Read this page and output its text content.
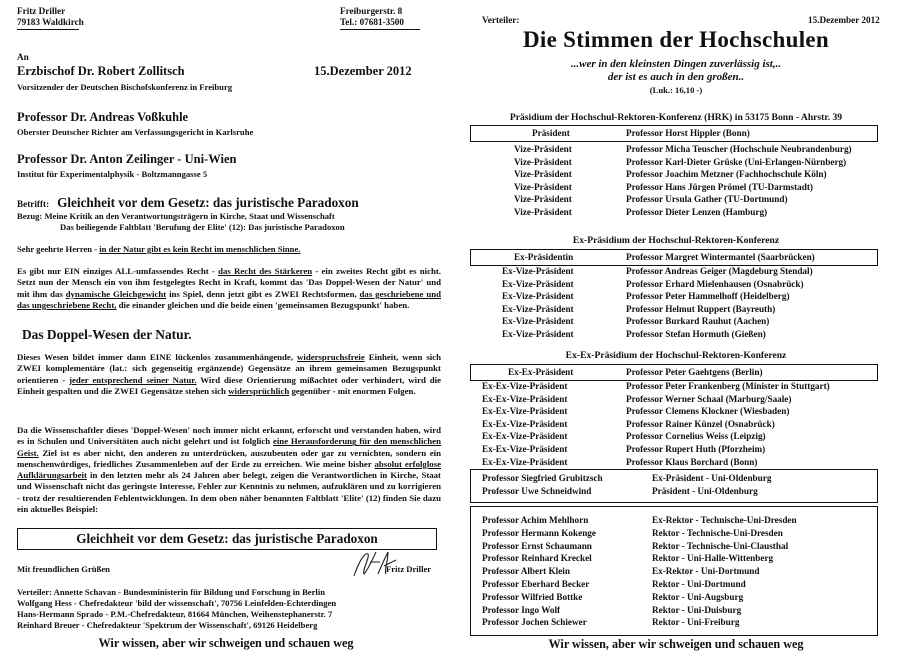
Fritz Driller
79183 Waldkirch
Freiburgerstr. 8
Tel.: 07681-3500
An
Erzbischof Dr. Robert Zollitsch	15.Dezember 2012
Vorsitzender der Deutschen Bischofskonferenz in Freiburg
Professor Dr. Andreas Voßkuhle
Oberster Deutscher Richter am Verfassungsgericht in Karlsruhe
Professor Dr. Anton Zeilinger - Uni-Wien
Institut für Experimentalphysik - Boltzmanngasse 5
Betrifft: Gleichheit vor dem Gesetz: das juristische Paradoxon
Bezug: Meine Kritik an den Verantwortungsträgern in Kirche, Staat und Wissenschaft
Das beiliegende Faltblatt 'Berufung der Elite' (12): Das juristische Paradoxon
Sehr geehrte Herren - in der Natur gibt es kein Recht im menschlichen Sinne.

Es gibt nur EIN einziges ALL-umfassendes Recht - das Recht des Stärkeren - ein zweites Recht gibt es nicht. Setzt nun der Mensch ein von ihm festgelegtes Recht in Kraft, kommt das 'Das Doppel-Wesen der Natur' und mit ihm das dynamische Gleichgewicht ins Spiel, denn jetzt gibt es ZWEI Rechtsformen, das geschriebene und das ungeschriebene Recht, die einander gleichen und die beide einen 'gemeinsamen Bezugspunkt' haben.

Das Doppel-Wesen der Natur.

Dieses Wesen bildet immer dann EINE lückenlos zusammenhängende, widerspruchsfreie Einheit, wenn sich ZWEI komplementäre (lat.: sich gegenseitig ergänzende) Gegensätze an ihrem gemeinsamen Bezugspunkt orientieren - jeder entsprechend seiner Natur. Wird diese Orientierung mißachtet oder verhindert, wird die Einheit gespalten und die ZWEI Gegensätze stehen sich widersprüchlich gegenüber - mit enormen Folgen.

Da die Wissenschaftler dieses 'Doppel-Wesen' noch immer nicht erkannt, erforscht und verstanden haben, wird es in Schulen und Universitäten auch nicht gelehrt und ist folglich eine Herausforderung für den menschlichen Geist. Ziel ist es aber nicht, den anderen zu unterdrücken, auszubeuten oder gar zu vernichten, sondern ein menschenwürdiges, friedliches Zusammenleben auf der Erde zu erreichen. Wie meine bisher absolut erfolglose Aufklärungsarbeit in den letzten mehr als 24 Jahren aber belegt, zeigen die Verantwortlichen in Kirche, Staat und Wissenschaft nicht das geringste Interesse, Fehler zur Kenntnis zu nehmen, aufzuklären und zu korrigieren - trotz der resultierenden Fehlentwicklungen. In dem oben näher benannten Faltblatt 'Elite' (12) finden Sie dazu ein aktuelles Beispiel:

Gleichheit vor dem Gesetz: das juristische Paradoxon
Mit freundlichen Grüßen	Fritz Driller
Verteiler: Annette Schavan - Bundesministerin für Bildung und Forschung in Berlin
Wolfgang Hess - Chefredakteur 'bild der wissenschaft', 70756 Leinfelden-Echterdingen
Hans-Hermann Sprado - P.M.-Chefredakteur, 81664 München, Weihenstephanerstr. 7
Reinhard Breuer - Chefredakteur 'Spektrum der Wissenschaft', 69126 Heidelberg
Wir wissen, aber wir schweigen und schauen weg
Verteiler:	15.Dezember 2012
Die Stimmen der Hochschulen
...wer in den kleinsten Dingen zuverlässig ist,..
der ist es auch in den großen..
(Luk.: 16,10 -)
Präsidium der Hochschul-Rektoren-Konferenz (HRK) in 53175 Bonn - Ahrstr. 39
Präsident	Professor Horst Hippler (Bonn)
Vize-Präsident	Professor Micha Teuscher (Hochschule Neubrandenburg)
Vize-Präsident	Professor Karl-Dieter Grüske (Uni-Erlangen-Nürnberg)
Vize-Präsident	Professor Joachim Metzner (Fachhochschule Köln)
Vize-Präsident	Professor Hans Jürgen Prömel (TU-Darmstadt)
Vize-Präsident	Professor Ursula Gather (TU-Dortmund)
Vize-Präsident	Professor Dieter Lenzen (Hamburg)
Ex-Präsidium der Hochschul-Rektoren-Konferenz
Ex-Präsidentin	Professor Margret Wintermantel (Saarbrücken)
Ex-Vize-Präsident	Professor Andreas Geiger (Magdeburg Stendal)
Ex-Vize-Präsident	Professor Erhard Mielenhausen (Osnabrück)
Ex-Vize-Präsident	Professor Peter Hammelhoff (Heidelberg)
Ex-Vize-Präsident	Professor Helmut Ruppert (Bayreuth)
Ex-Vize-Präsident	Professor Burkard Rauhut (Aachen)
Ex-Vize-Präsident	Professor Stefan Hormuth (Gießen)
Ex-Ex-Präsidium der Hochschul-Rektoren-Konferenz
Ex-Ex-Präsident	Professor Peter Gaehtgens (Berlin)
Ex-Ex-Vize-Präsident	Professor Peter Frankenberg (Minister in Stuttgart)
Ex-Ex-Vize-Präsident	Professor Werner Schaal (Marburg/Saale)
Ex-Ex-Vize-Präsident	Professor Clemens Klockner (Wiesbaden)
Ex-Ex-Vize-Präsident	Professor Rainer Künzel (Osnabrück)
Ex-Ex-Vize-Präsident	Professor Cornelius Weiss (Leipzig)
Ex-Ex-Vize-Präsident	Professor Rupert Huth (Pforzheim)
Ex-Ex-Vize-Präsident	Professor Klaus Borchard (Bonn)
Professor Siegfried Grubitzsch	Ex-Präsident - Uni-Oldenburg
Professor Uwe Schneidwind	Präsident - Uni-Oldenburg
Professor Achim Mehlhorn	Ex-Rektor - Technische-Uni-Dresden
Professor Hermann Kokenge	Rektor - Technische-Uni-Dresden
Professor Ernst Schaumann	Rektor - Technische-Uni-Clausthal
Professor Reinhard Kreckel	Rektor - Uni-Halle-Wittenberg
Professor Albert Klein	Ex-Rektor - Uni-Dortmund
Professor Eberhard Becker	Rektor - Uni-Dortmund
Professor Wilfried Bottke	Rektor - Uni-Augsburg
Professor Ingo Wolf	Rektor - Uni-Duisburg
Professor Jochen Schiewer	Rektor - Uni-Freiburg
Wir wissen, aber wir schweigen und schauen weg
